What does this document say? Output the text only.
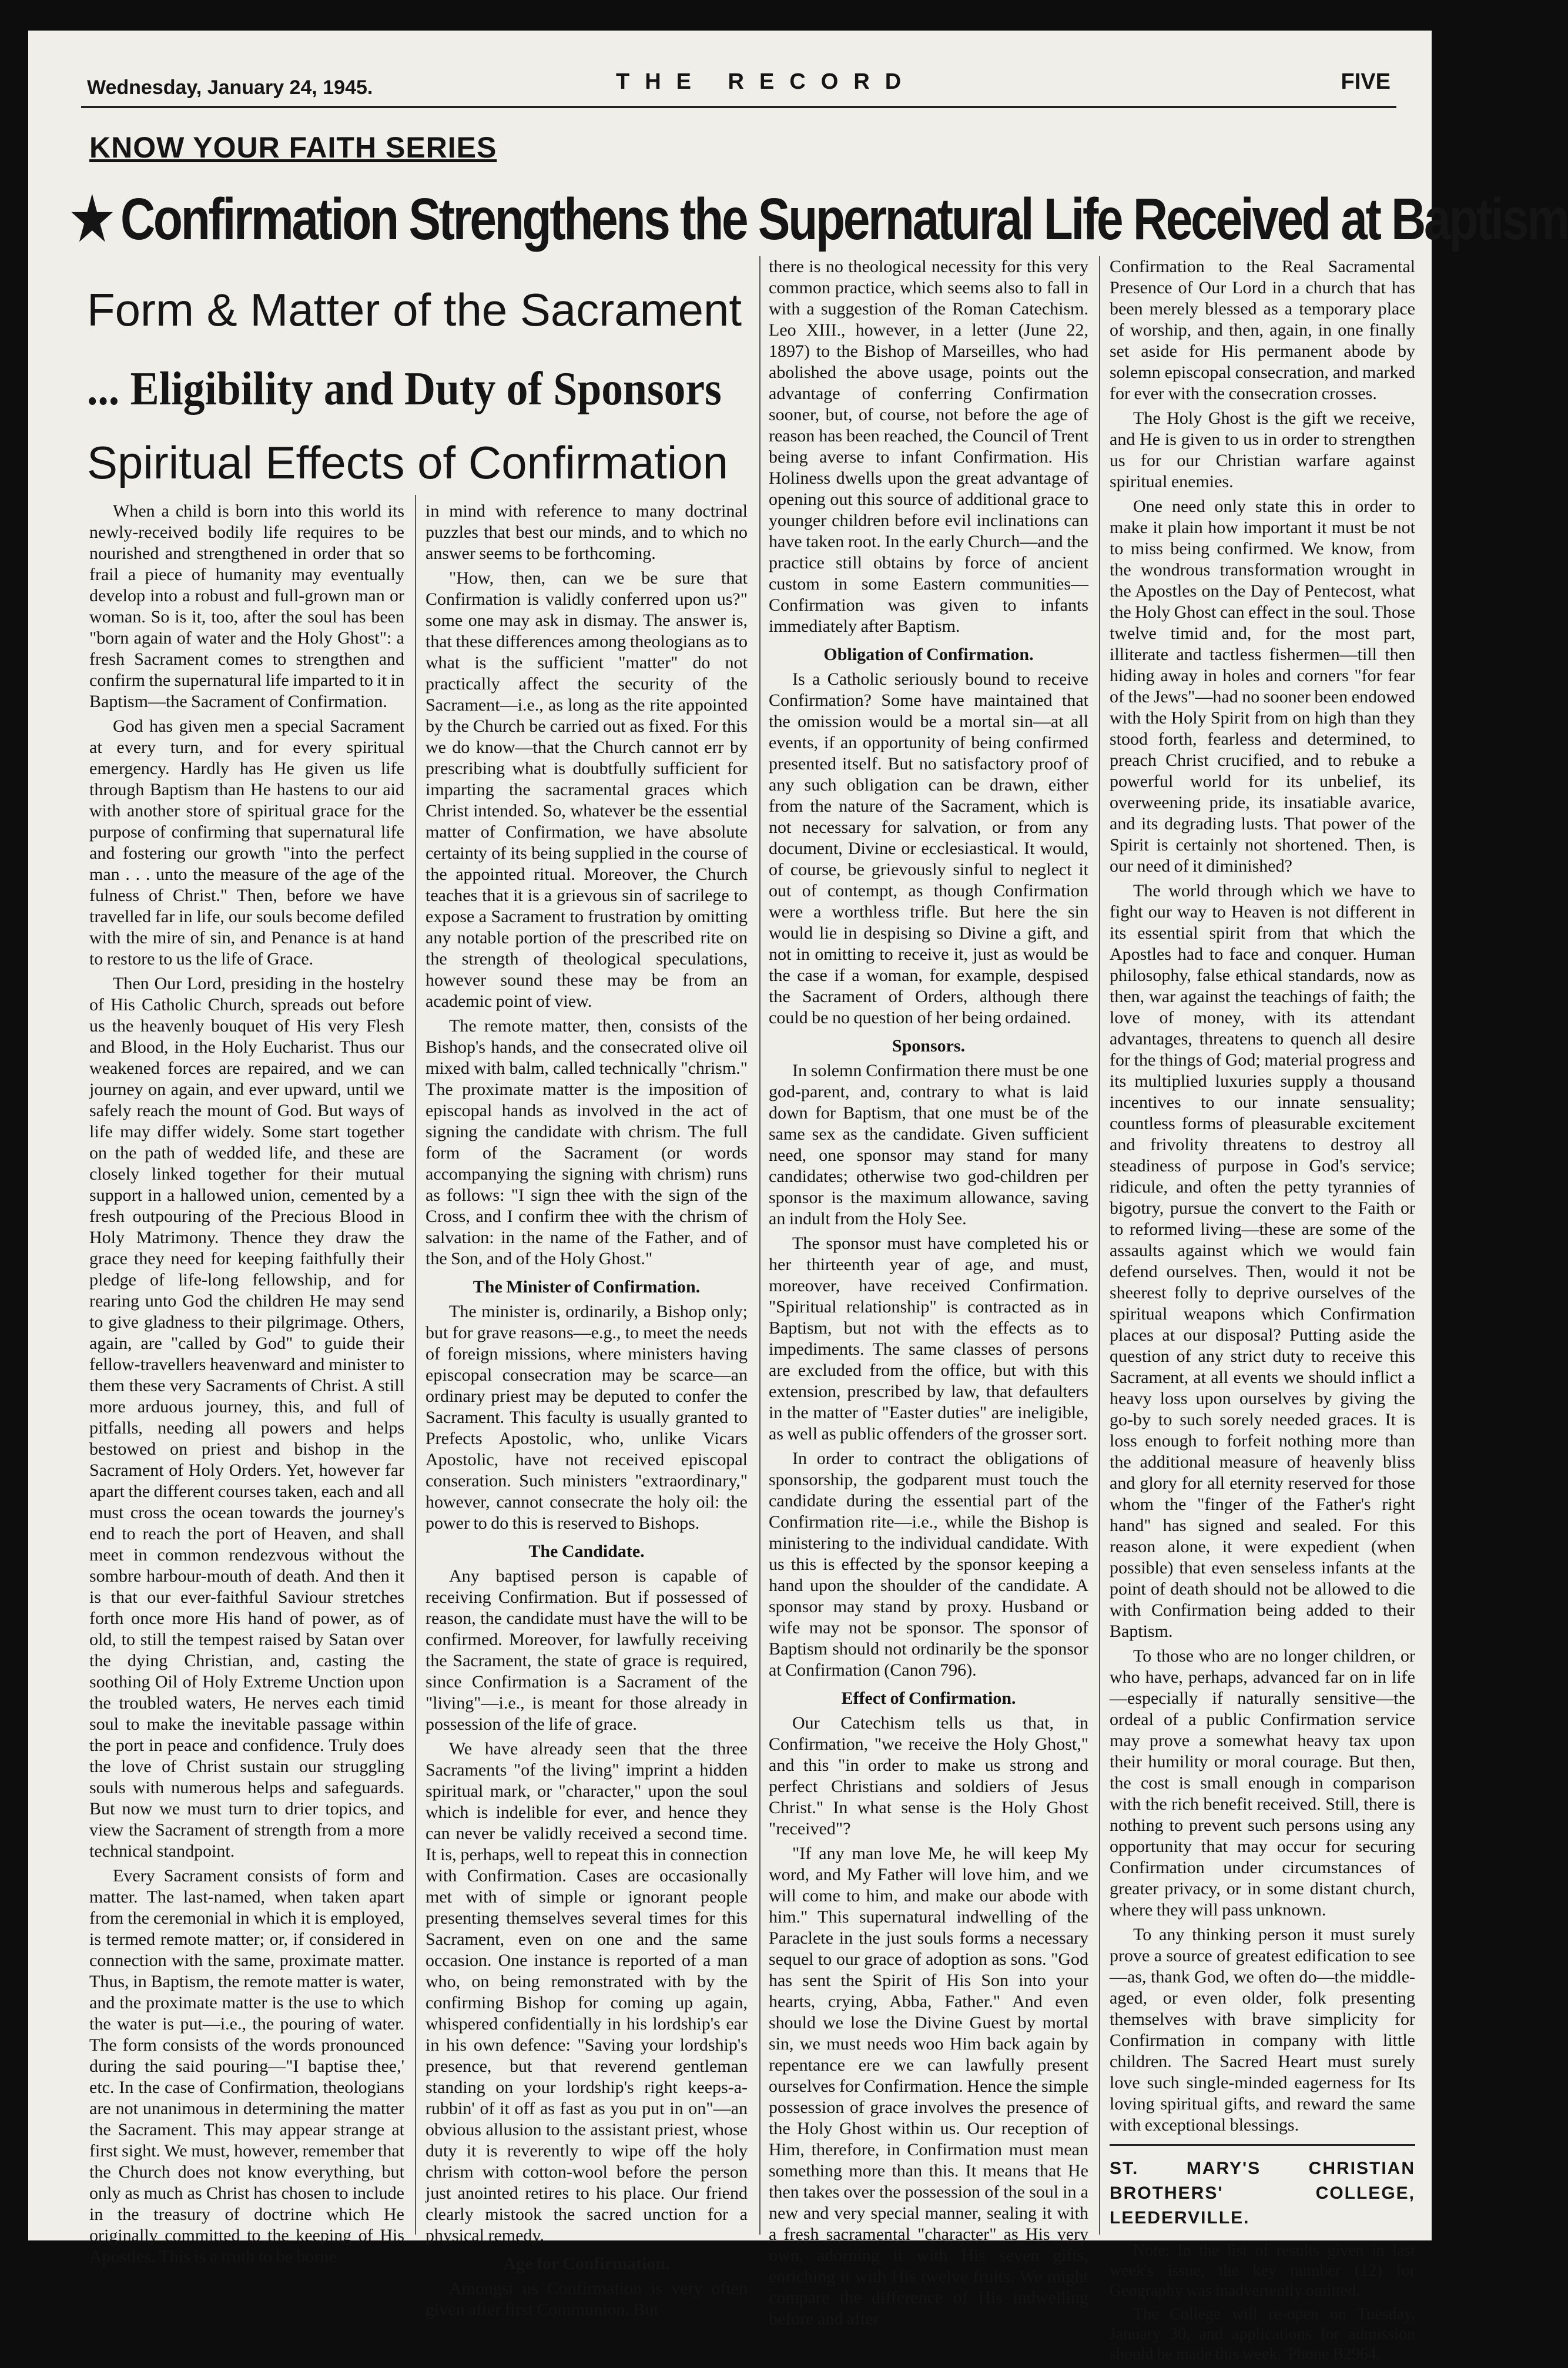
Wednesday, January 24, 1945.	THE RECORD	FIVE
KNOW YOUR FAITH SERIES
★ Confirmation Strengthens the Supernatural Life Received at Baptism
Form & Matter of the Sacrament
... Eligibility and Duty of Sponsors
Spiritual Effects of Confirmation

When a child is born into this world its newly-received bodily life requires to be nourished and strengthened in order that so frail a piece of humanity may eventually develop into a robust and full-grown man or woman. So is it, too, after the soul has been "born again of water and the Holy Ghost": a fresh Sacrament comes to strengthen and confirm the supernatural life imparted to it in Baptism—the Sacrament of Confirmation.

God has given men a special Sacrament at every turn, and for every spiritual emergency. Hardly has He given us life through Baptism than He hastens to our aid with another store of spiritual grace for the purpose of confirming that supernatural life and fostering our growth "into the perfect man . . . unto the measure of the age of the fulness of Christ." Then, before we have travelled far in life, our souls become defiled with the mire of sin, and Penance is at hand to restore to us the life of Grace.

Then Our Lord, presiding in the hostelry of His Catholic Church, spreads out before us the heavenly bouquet of His very Flesh and Blood, in the Holy Eucharist. Thus our weakened forces are repaired, and we can journey on again, and ever upward, until we safely reach the mount of God. But ways of life may differ widely. Some start together on the path of wedded life, and these are closely linked together for their mutual support in a hallowed union, cemented by a fresh outpouring of the Precious Blood in Holy Matrimony. Thence they draw the grace they need for keeping faithfully their pledge of life-long fellowship, and for rearing unto God the children He may send to give gladness to their pilgrimage. Others, again, are "called by God" to guide their fellow-travellers heavenward and minister to them these very Sacraments of Christ. A still more arduous journey, this, and full of pitfalls, needing all powers and helps bestowed on priest and bishop in the Sacrament of Holy Orders. Yet, however far apart the different courses taken, each and all must cross the ocean towards the journey's end to reach the port of Heaven, and shall meet in common rendezvous without the sombre harbour-mouth of death. And then it is that our ever-faithful Saviour stretches forth once more His hand of power, as of old, to still the tempest raised by Satan over the dying Christian, and, casting the soothing Oil of Holy Extreme Unction upon the troubled waters, He nerves each timid soul to make the inevitable passage within the port in peace and confidence. Truly does the love of Christ sustain our struggling souls with numerous helps and safeguards. But now we must turn to drier topics, and view the Sacrament of strength from a more technical standpoint.

Every Sacrament consists of form and matter. The last-named, when taken apart from the ceremonial in which it is employed, is termed remote matter; or, if considered in connection with the same, proximate matter. Thus, in Baptism, the remote matter is water, and the proximate matter is the use to which the water is put—i.e., the pouring of water. The form consists of the words pronounced during the said pouring—"I baptise thee,' etc. In the case of Confirmation, theologians are not unanimous in determining the matter the Sacrament. This may appear strange at first sight. We must, however, remember that the Church does not know everything, but only as much as Christ has chosen to include in the treasury of doctrine which He originally committed to the keeping of His Apostles. This is a truth to be borne

in mind with reference to many doctrinal puzzles that best our minds, and to which no answer seems to be forthcoming.

"How, then, can we be sure that Confirmation is validly conferred upon us?" some one may ask in dismay. The answer is, that these differences among theologians as to what is the sufficient "matter" do not practically affect the security of the Sacrament—i.e., as long as the rite appointed by the Church be carried out as fixed. For this we do know—that the Church cannot err by prescribing what is doubtfully sufficient for imparting the sacramental graces which Christ intended. So, whatever be the essential matter of Confirmation, we have absolute certainty of its being supplied in the course of the appointed ritual. Moreover, the Church teaches that it is a grievous sin of sacrilege to expose a Sacrament to frustration by omitting any notable portion of the prescribed rite on the strength of theological speculations, however sound these may be from an academic point of view.

The remote matter, then, consists of the Bishop's hands, and the consecrated olive oil mixed with balm, called technically "chrism." The proximate matter is the imposition of episcopal hands as involved in the act of signing the candidate with chrism. The full form of the Sacrament (or words accompanying the signing with chrism) runs as follows: "I sign thee with the sign of the Cross, and I confirm thee with the chrism of salvation: in the name of the Father, and of the Son, and of the Holy Ghost."

The Minister of Confirmation.

The minister is, ordinarily, a Bishop only; but for grave reasons—e.g., to meet the needs of foreign missions, where ministers having episcopal consecration may be scarce—an ordinary priest may be deputed to confer the Sacrament. This faculty is usually granted to Prefects Apostolic, who, unlike Vicars Apostolic, have not received episcopal conseration. Such ministers "extraordinary," however, cannot consecrate the holy oil: the power to do this is reserved to Bishops.

The Candidate.

Any baptised person is capable of receiving Confirmation. But if possessed of reason, the candidate must have the will to be confirmed. Moreover, for lawfully receiving the Sacrament, the state of grace is required, since Confirmation is a Sacrament of the "living"—i.e., is meant for those already in possession of the life of grace.

We have already seen that the three Sacraments "of the living" imprint a hidden spiritual mark, or "character," upon the soul which is indelible for ever, and hence they can never be validly received a second time. It is, perhaps, well to repeat this in connection with Confirmation. Cases are occasionally met with of simple or ignorant people presenting themselves several times for this Sacrament, even on one and the same occasion. One instance is reported of a man who, on being remonstrated with by the confirming Bishop for coming up again, whispered confidentially in his lordship's ear in his own defence: "Saving your lordship's presence, but that reverend gentleman standing on your lordship's right keeps-a-rubbin' of it off as fast as you put in on"—an obvious allusion to the assistant priest, whose duty it is reverently to wipe off the holy chrism with cotton-wool before the person just anointed retires to his place. Our friend clearly mistook the sacred unction for a physical remedy.

Age for Confirmation.

Amongst us Confirmation is very often given after first Communion. But

there is no theological necessity for this very common practice, which seems also to fall in with a suggestion of the Roman Catechism. Leo XIII., however, in a letter (June 22, 1897) to the Bishop of Marseilles, who had abolished the above usage, points out the advantage of conferring Confirmation sooner, but, of course, not before the age of reason has been reached, the Council of Trent being averse to infant Confirmation. His Holiness dwells upon the great advantage of opening out this source of additional grace to younger children before evil inclinations can have taken root. In the early Church—and the practice still obtains by force of ancient custom in some Eastern communities—Confirmation was given to infants immediately after Baptism.

Obligation of Confirmation.

Is a Catholic seriously bound to receive Confirmation? Some have maintained that the omission would be a mortal sin—at all events, if an opportunity of being confirmed presented itself. But no satisfactory proof of any such obligation can be drawn, either from the nature of the Sacrament, which is not necessary for salvation, or from any document, Divine or ecclesiastical. It would, of course, be grievously sinful to neglect it out of contempt, as though Confirmation were a worthless trifle. But here the sin would lie in despising so Divine a gift, and not in omitting to receive it, just as would be the case if a woman, for example, despised the Sacrament of Orders, although there could be no question of her being ordained.

Sponsors.

In solemn Confirmation there must be one god-parent, and, contrary to what is laid down for Baptism, that one must be of the same sex as the candidate. Given sufficient need, one sponsor may stand for many candidates; otherwise two god-children per sponsor is the maximum allowance, saving an indult from the Holy See.

The sponsor must have completed his or her thirteenth year of age, and must, moreover, have received Confirmation. "Spiritual relationship" is contracted as in Baptism, but not with the effects as to impediments. The same classes of persons are excluded from the office, but with this extension, prescribed by law, that defaulters in the matter of "Easter duties" are ineligible, as well as public offenders of the grosser sort.

In order to contract the obligations of sponsorship, the godparent must touch the candidate during the essential part of the Confirmation rite—i.e., while the Bishop is ministering to the individual candidate. With us this is effected by the sponsor keeping a hand upon the shoulder of the candidate. A sponsor may stand by proxy. Husband or wife may not be sponsor. The sponsor of Baptism should not ordinarily be the sponsor at Confirmation (Canon 796).

Effect of Confirmation.

Our Catechism tells us that, in Confirmation, "we receive the Holy Ghost," and this "in order to make us strong and perfect Christians and soldiers of Jesus Christ." In what sense is the Holy Ghost "received"?

"If any man love Me, he will keep My word, and My Father will love him, and we will come to him, and make our abode with him." This supernatural indwelling of the Paraclete in the just souls forms a necessary sequel to our grace of adoption as sons. "God has sent the Spirit of His Son into your hearts, crying, Abba, Father." And even should we lose the Divine Guest by mortal sin, we must needs woo Him back again by repentance ere we can lawfully present ourselves for Confirmation. Hence the simple possession of grace involves the presence of the Holy Ghost within us. Our reception of Him, therefore, in Confirmation must mean something more than this. It means that He then takes over the possession of the soul in a new and very special manner, sealing it with a fresh sacramental "character" as His very own, adorning it with His seven gifts, enriching it with His twelve fruits. We might compare the difference of His indwelling before and after

Confirmation to the Real Sacramental Presence of Our Lord in a church that has been merely blessed as a temporary place of worship, and then, again, in one finally set aside for His permanent abode by solemn episcopal consecration, and marked for ever with the consecration crosses.

The Holy Ghost is the gift we receive, and He is given to us in order to strengthen us for our Christian warfare against spiritual enemies.

One need only state this in order to make it plain how important it must be not to miss being confirmed. We know, from the wondrous transformation wrought in the Apostles on the Day of Pentecost, what the Holy Ghost can effect in the soul. Those twelve timid and, for the most part, illiterate and tactless fishermen—till then hiding away in holes and corners "for fear of the Jews"—had no sooner been endowed with the Holy Spirit from on high than they stood forth, fearless and determined, to preach Christ crucified, and to rebuke a powerful world for its unbelief, its overweening pride, its insatiable avarice, and its degrading lusts. That power of the Spirit is certainly not shortened. Then, is our need of it diminished?

The world through which we have to fight our way to Heaven is not different in its essential spirit from that which the Apostles had to face and conquer. Human philosophy, false ethical standards, now as then, war against the teachings of faith; the love of money, with its attendant advantages, threatens to quench all desire for the things of God; material progress and its multiplied luxuries supply a thousand incentives to our innate sensuality; countless forms of pleasurable excitement and frivolity threatens to destroy all steadiness of purpose in God's service; ridicule, and often the petty tyrannies of bigotry, pursue the convert to the Faith or to reformed living—these are some of the assaults against which we would fain defend ourselves. Then, would it not be sheerest folly to deprive ourselves of the spiritual weapons which Confirmation places at our disposal? Putting aside the question of any strict duty to receive this Sacrament, at all events we should inflict a heavy loss upon ourselves by giving the go-by to such sorely needed graces. It is loss enough to forfeit nothing more than the additional measure of heavenly bliss and glory for all eternity reserved for those whom the "finger of the Father's right hand" has signed and sealed. For this reason alone, it were expedient (when possible) that even senseless infants at the point of death should not be allowed to die with Confirmation being added to their Baptism.

To those who are no longer children, or who have, perhaps, advanced far on in life—especially if naturally sensitive—the ordeal of a public Confirmation service may prove a somewhat heavy tax upon their humility or moral courage. But then, the cost is small enough in comparison with the rich benefit received. Still, there is nothing to prevent such persons using any opportunity that may occur for securing Confirmation under circumstances of greater privacy, or in some distant church, where they will pass unknown.

To any thinking person it must surely prove a source of greatest edification to see—as, thank God, we often do—the middle-aged, or even older, folk presenting themselves with brave simplicity for Confirmation in company with little children. The Sacred Heart must surely love such single-minded eagerness for Its loving spiritual gifts, and reward the same with exceptional blessings.

ST. MARY'S CHRISTIAN BROTHERS' COLLEGE, LEEDERVILLE.

Note: In the list of results given in last week's issue, the key number (12) for Geography was inadvertently omitted.

The College will re-open on Tuesday, January 30, and applications for admission should be made this week. 'Phone B2964.
